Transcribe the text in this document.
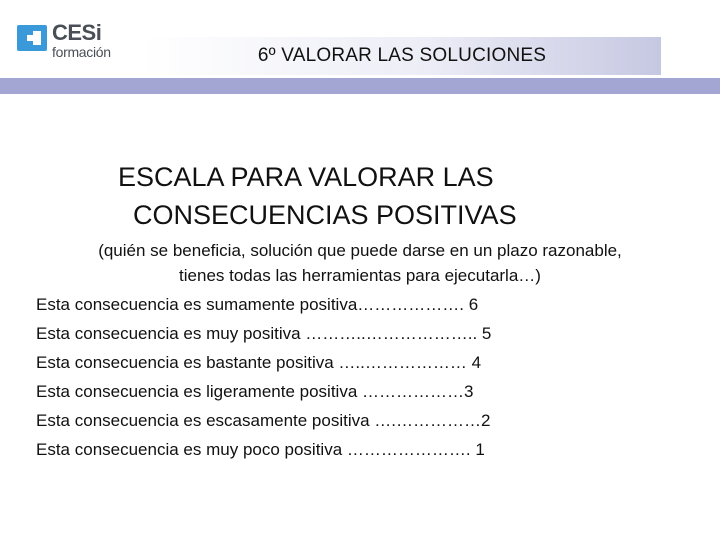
CESi
formación	6º VALORAR LAS SOLUCIONES
ESCALA PARA VALORAR LAS
CONSECUENCIAS POSITIVAS
(quién se beneficia, solución que puede darse en un plazo razonable,
tienes todas las herramientas para ejecutarla…)
Esta consecuencia es sumamente positiva………………. 6
Esta consecuencia es muy positiva ………..……………….. 5
Esta consecuencia es bastante positiva …..……………… 4
Esta consecuencia es ligeramente positiva ………………3
Esta consecuencia es escasamente positiva ….……………2
Esta consecuencia es muy poco positiva …………………. 1
